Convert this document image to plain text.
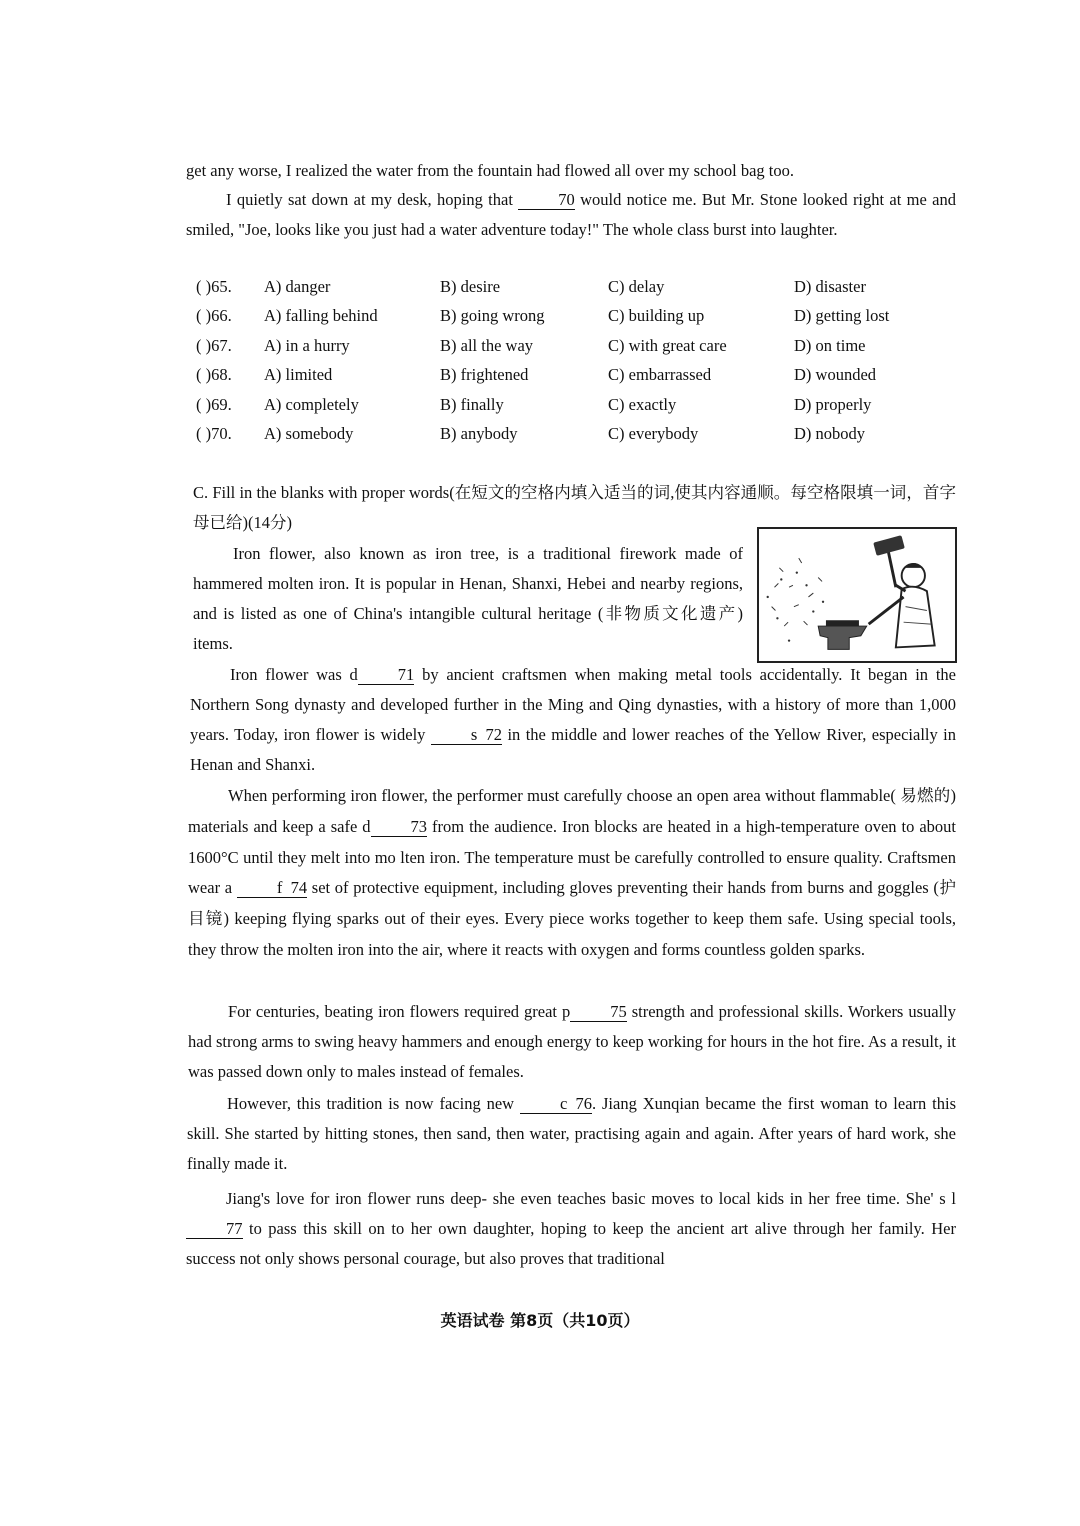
get any worse, I realized the water from the fountain had flowed all over my school bag too.

I quietly sat down at my desk, hoping that 70 would notice me. But Mr. Stone looked right at me and smiled, "Joe, looks like you just had a water adventure today!" The whole class burst into laughter.

( )65.	A) danger	B) desire	C) delay	D) disaster
( )66.	A) falling behind	B) going wrong	C) building up	D) getting lost
( )67.	A) in a hurry	B) all the way	C) with great care	D) on time
( )68.	A) limited	B) frightened	C) embarrassed	D) wounded
( )69.	A) completely	B) finally	C) exactly	D) properly
( )70.	A) somebody	B) anybody	C) everybody	D) nobody

C. Fill in the blanks with proper words(在短文的空格内填入适当的词,使其内容通顺。每空格限填一词，首字母已给)(14分)

Iron flower, also known as iron tree, is a traditional firework made of hammered molten iron. It is popular in Henan, Shanxi, Hebei and nearby regions, and is listed as one of China's intangible cultural heritage (非物质文化遗产) items.

Iron flower was d 71 by ancient craftsmen when making metal tools accidentally. It began in the Northern Song dynasty and developed further in the Ming and Qing dynasties, with a history of more than 1,000 years. Today, iron flower is widely s 72 in the middle and lower reaches of the Yellow River, especially in Henan and Shanxi.

When performing iron flower, the performer must carefully choose an open area without flammable( 易燃的) materials and keep a safe d 73 from the audience. Iron blocks are heated in a high-temperature oven to about 1600°C until they melt into mo lten iron. The temperature must be carefully controlled to ensure quality. Craftsmen wear a f 74 set of protective equipment, including gloves preventing their hands from burns and goggles (护目镜) keeping flying sparks out of their eyes. Every piece works together to keep them safe. Using special tools, they throw the molten iron into the air, where it reacts with oxygen and forms countless golden sparks.

For centuries, beating iron flowers required great p 75 strength and professional skills. Workers usually had strong arms to swing heavy hammers and enough energy to keep working for hours in the hot fire. As a result, it was passed down only to males instead of females.

However, this tradition is now facing new c 76. Jiang Xunqian became the first woman to learn this skill. She started by hitting stones, then sand, then water, practising again and again. After years of hard work, she finally made it.

Jiang's love for iron flower runs deep- she even teaches basic moves to local kids in her free time. She' s l77 to pass this skill on to her own daughter, hoping to keep the ancient art alive through her family. Her success not only shows personal courage, but also proves that traditional

英语试卷 第8页（共10页）
